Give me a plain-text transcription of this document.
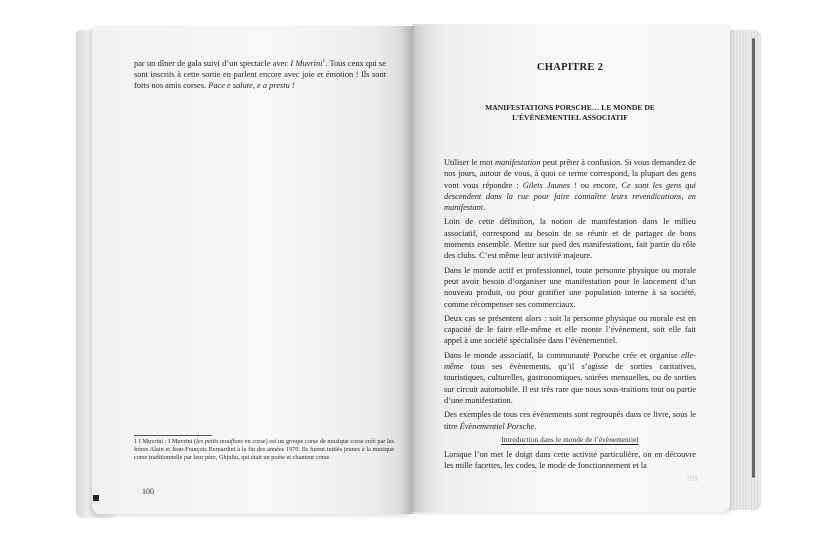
par un dîner de gala suivi d’un spectacle avec I Muvrini$^1$. Tous ceux qui se sont inscrits à cette sortie en parlent encore avec joie et émotion ! Ils sont forts nos amis corses. Pace e salute, e a prestu !

1 I Muvrini : I Muvrini (les petits mouflons en corse) est un groupe corse de musique corse créé par les frères Alain et Jean-François Bernardini à la fin des années 1970. Ils furent initiés jeunes à la musique corse traditionnelle par leur père, Ghjuliu, qui était un poète et chanteur corse.

100
CHAPITRE 2
MANIFESTATIONS PORSCHE… LE MONDE DE
L’ÉVÈNEMENTIEL ASSOCIATIF

Utiliser le mot manifestation peut prêter à confusion. Si vous demandez de nos jours, autour de vous, à quoi ce terme correspond, la plupart des gens vont vous répondre : Gilets Jaunes ! ou encore, Ce sont les gens qui descendent dans la rue pour faire connaître leurs revendications, en manifestant.

Loin de cette définition, la notion de manifestation dans le milieu associatif, correspond au besoin de se réunir et de partager de bons moments ensemble. Mettre sur pied des manifestations, fait partie du rôle des clubs. C’est même leur activité majeure.

Dans le monde actif et professionnel, toute personne physique ou morale peut avoir besoin d’organiser une manifestation pour le lancement d’un nouveau produit, ou pour gratifier une population interne à sa société, comme récompenser ses commerciaux.

Deux cas se présentent alors : soit la personne physique ou morale est en capacité de le faire elle-même et elle monte l’évènement, soit elle fait appel à une société spécialisée dans l’évènementiel.

Dans le monde associatif, la communauté Porsche crée et organise elle-même tous ses évènements, qu’il s’agisse de sorties caritatives, touristiques, culturelles, gastronomiques, soirées mensuelles, ou de sorties sur circuit automobile. Il est très rare que nous sous-traitions tout ou partie d’une manifestation.

Des exemples de tous ces évènements sont regroupés dans ce livre, sous le titre Évènementiel Porsche.

Introduction dans le monde de l’évènementiel

Lorsque l’on met le doigt dans cette activité particulière, on en découvre les mille facettes, les codes, le mode de fonctionnement et la

101
